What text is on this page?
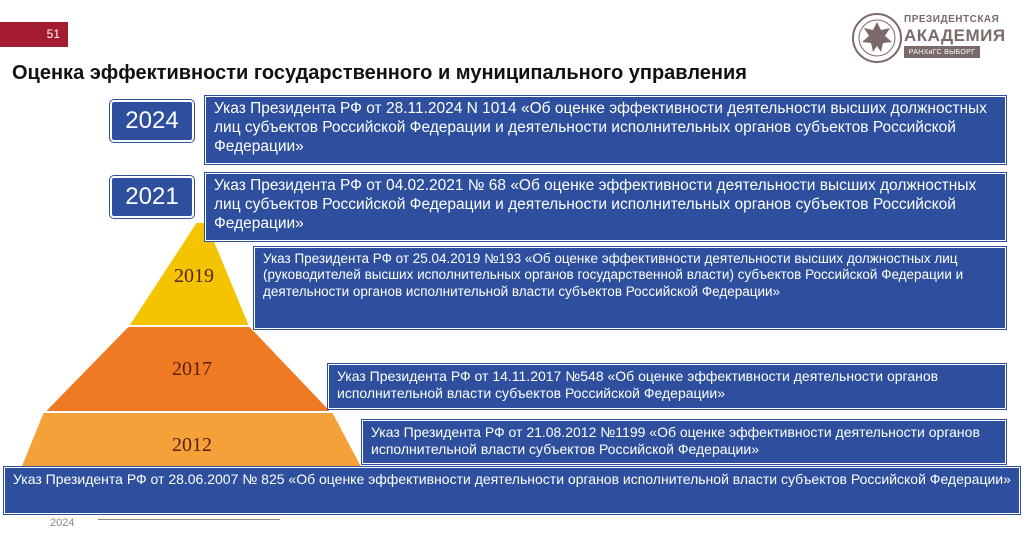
51
ПРЕЗИДЕНТСКАЯ
АКАДЕМИЯ
РАНХиГС ВЫБОРГ
Оценка эффективности государственного и муниципального управления
2019
2017
2012
2024
2021
Указ Президента РФ от 28.11.2024 N 1014 «Об оценке эффективности деятельности высших должностных лиц субъектов Российской Федерации и деятельности исполнительных органов субъектов Российской Федерации»
Указ Президента РФ от 04.02.2021 № 68 «Об оценке эффективности деятельности высших должностных лиц субъектов Российской Федерации и деятельности исполнительных органов субъектов Российской Федерации»
Указ Президента РФ от 25.04.2019 №193 «Об оценке эффективности деятельности высших должностных лиц (руководителей высших исполнительных органов государственной власти) субъектов Российской Федерации и деятельности органов исполнительной власти субъектов Российской Федерации»
Указ Президента РФ от 14.11.2017 №548 «Об оценке эффективности деятельности органов исполнительной власти субъектов Российской Федерации»
Указ Президента РФ от 21.08.2012 №1199 «Об оценке эффективности деятельности органов исполнительной власти субъектов Российской Федерации»
Указ Президента РФ от 28.06.2007 № 825 «Об оценке эффективности деятельности органов исполнительной власти субъектов Российской Федерации»
2024
